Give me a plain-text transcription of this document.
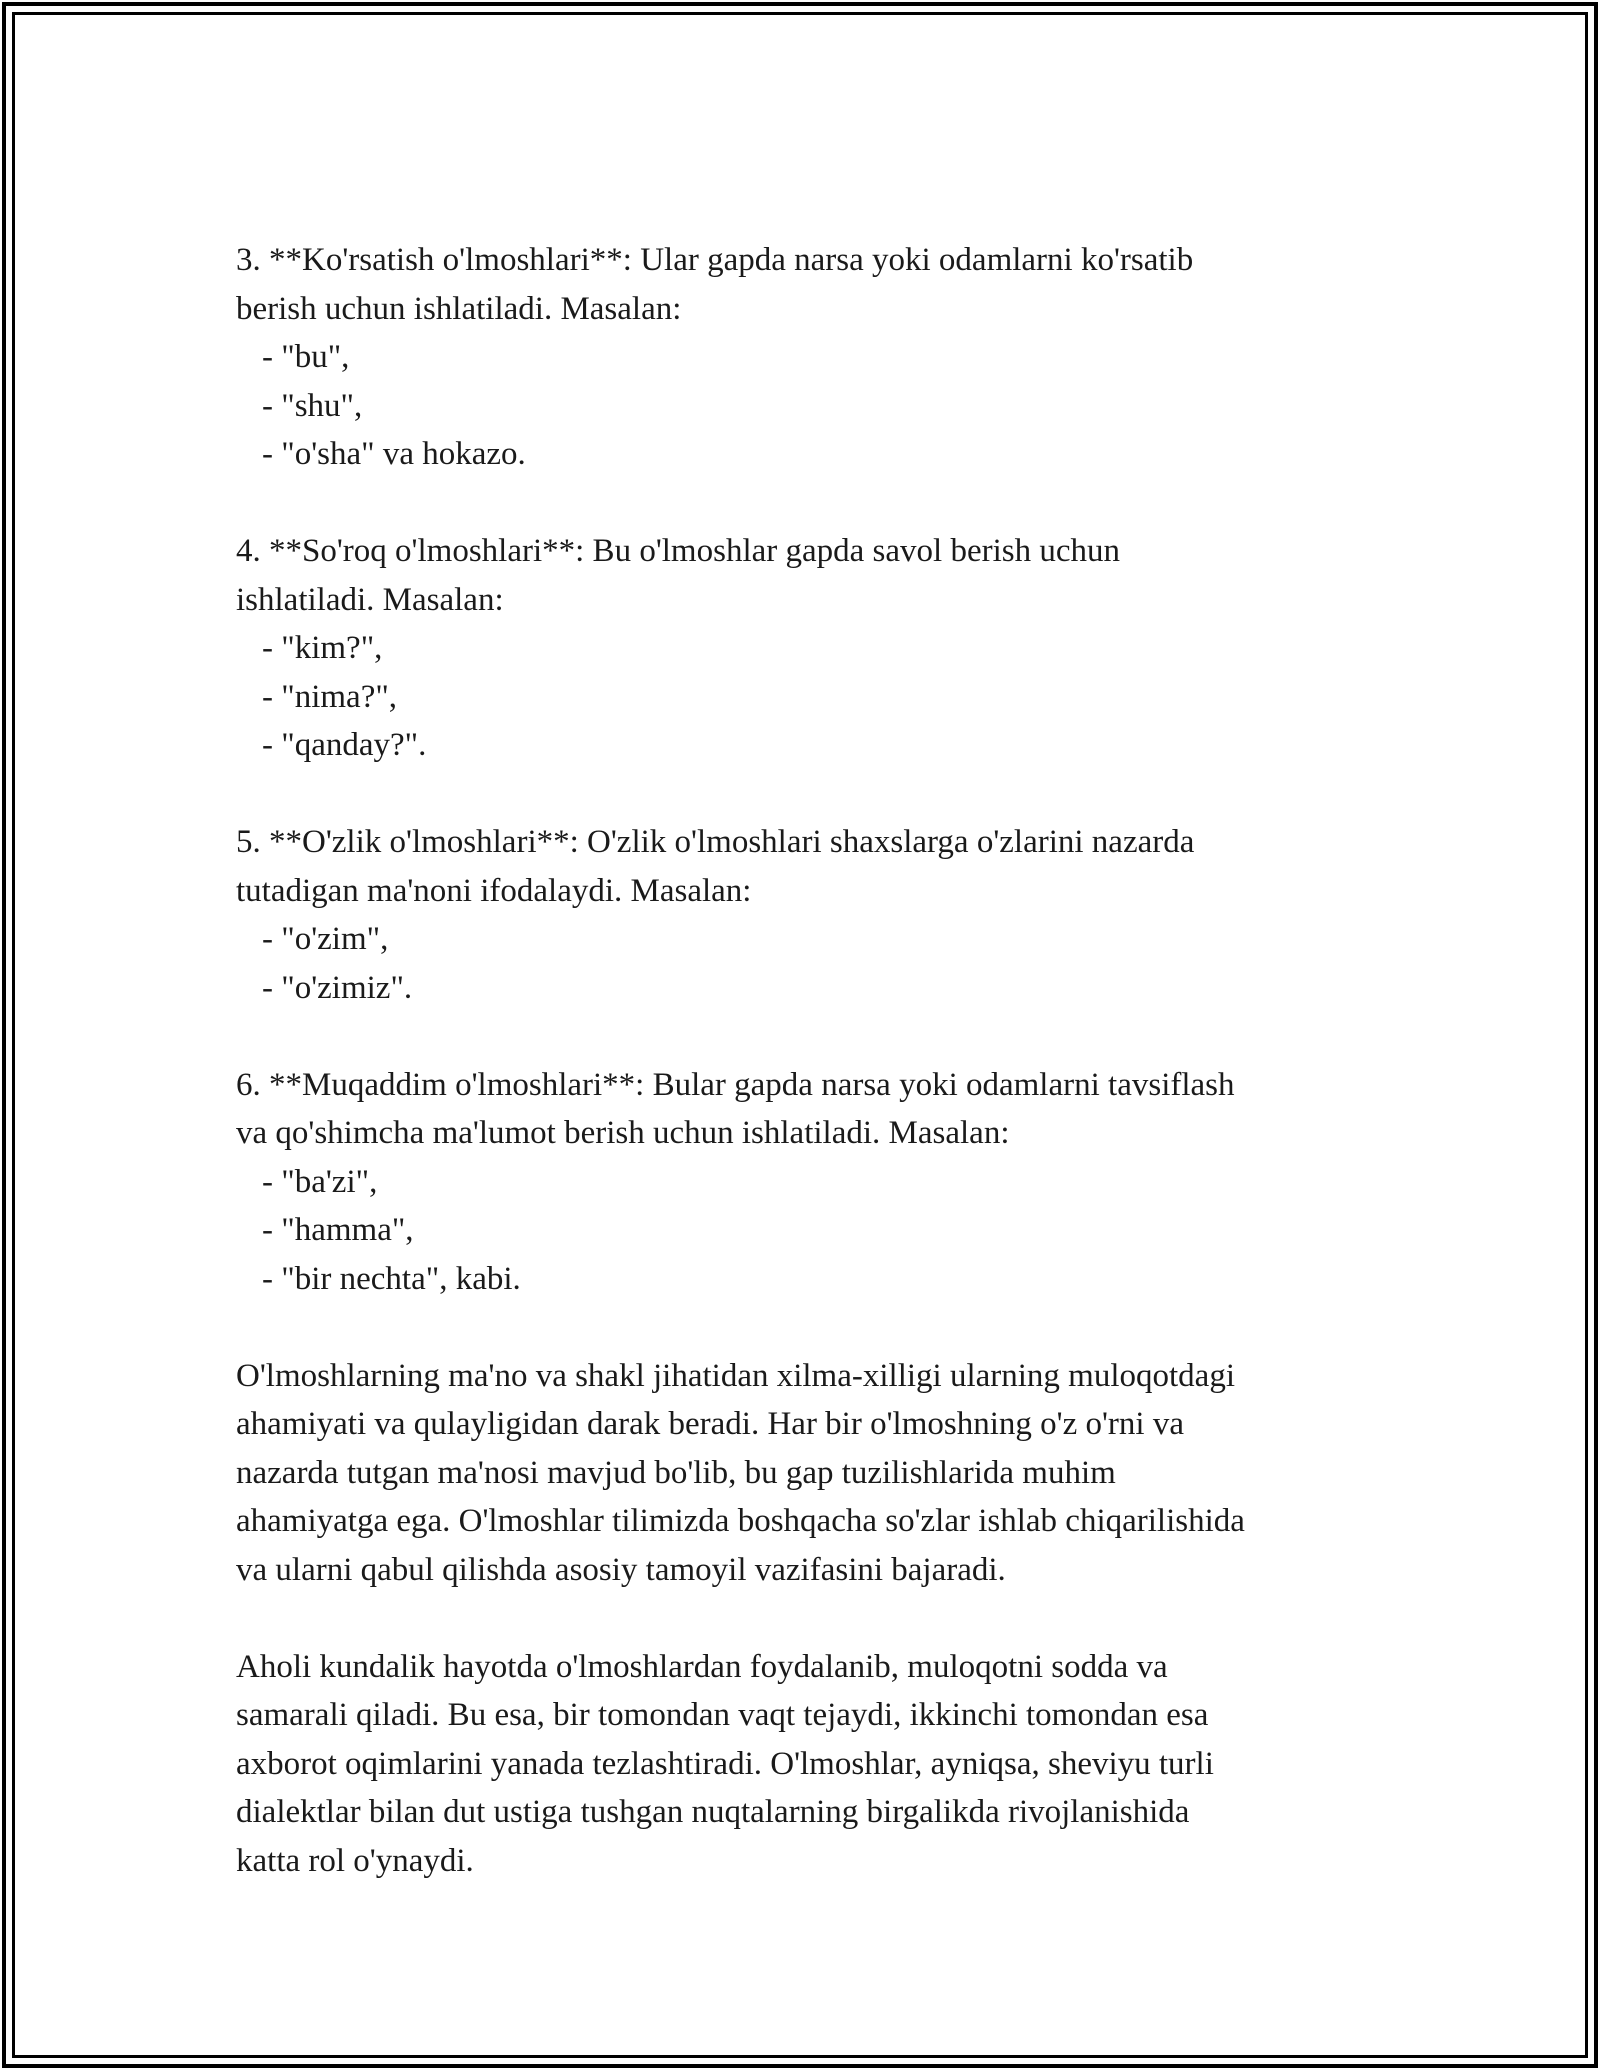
3. **Ko'rsatish o'lmoshlari**: Ular gapda narsa yoki odamlarni ko'rsatib
berish uchun ishlatiladi. Masalan:
- "bu",
- "shu",
- "o'sha" va hokazo.
4. **So'roq o'lmoshlari**: Bu o'lmoshlar gapda savol berish uchun
ishlatiladi. Masalan:
- "kim?",
- "nima?",
- "qanday?".
5. **O'zlik o'lmoshlari**: O'zlik o'lmoshlari shaxslarga o'zlarini nazarda
tutadigan ma'noni ifodalaydi. Masalan:
- "o'zim",
- "o'zimiz".
6. **Muqaddim o'lmoshlari**: Bular gapda narsa yoki odamlarni tavsiflash
va qo'shimcha ma'lumot berish uchun ishlatiladi. Masalan:
- "ba'zi",
- "hamma",
- "bir nechta", kabi.
O'lmoshlarning ma'no va shakl jihatidan xilma-xilligi ularning muloqotdagi
ahamiyati va qulayligidan darak beradi. Har bir o'lmoshning o'z o'rni va
nazarda tutgan ma'nosi mavjud bo'lib, bu gap tuzilishlarida muhim
ahamiyatga ega. O'lmoshlar tilimizda boshqacha so'zlar ishlab chiqarilishida
va ularni qabul qilishda asosiy tamoyil vazifasini bajaradi.
Aholi kundalik hayotda o'lmoshlardan foydalanib, muloqotni sodda va
samarali qiladi. Bu esa, bir tomondan vaqt tejaydi, ikkinchi tomondan esa
axborot oqimlarini yanada tezlashtiradi. O'lmoshlar, ayniqsa, sheviyu turli
dialektlar bilan dut ustiga tushgan nuqtalarning birgalikda rivojlanishida
katta rol o'ynaydi.
